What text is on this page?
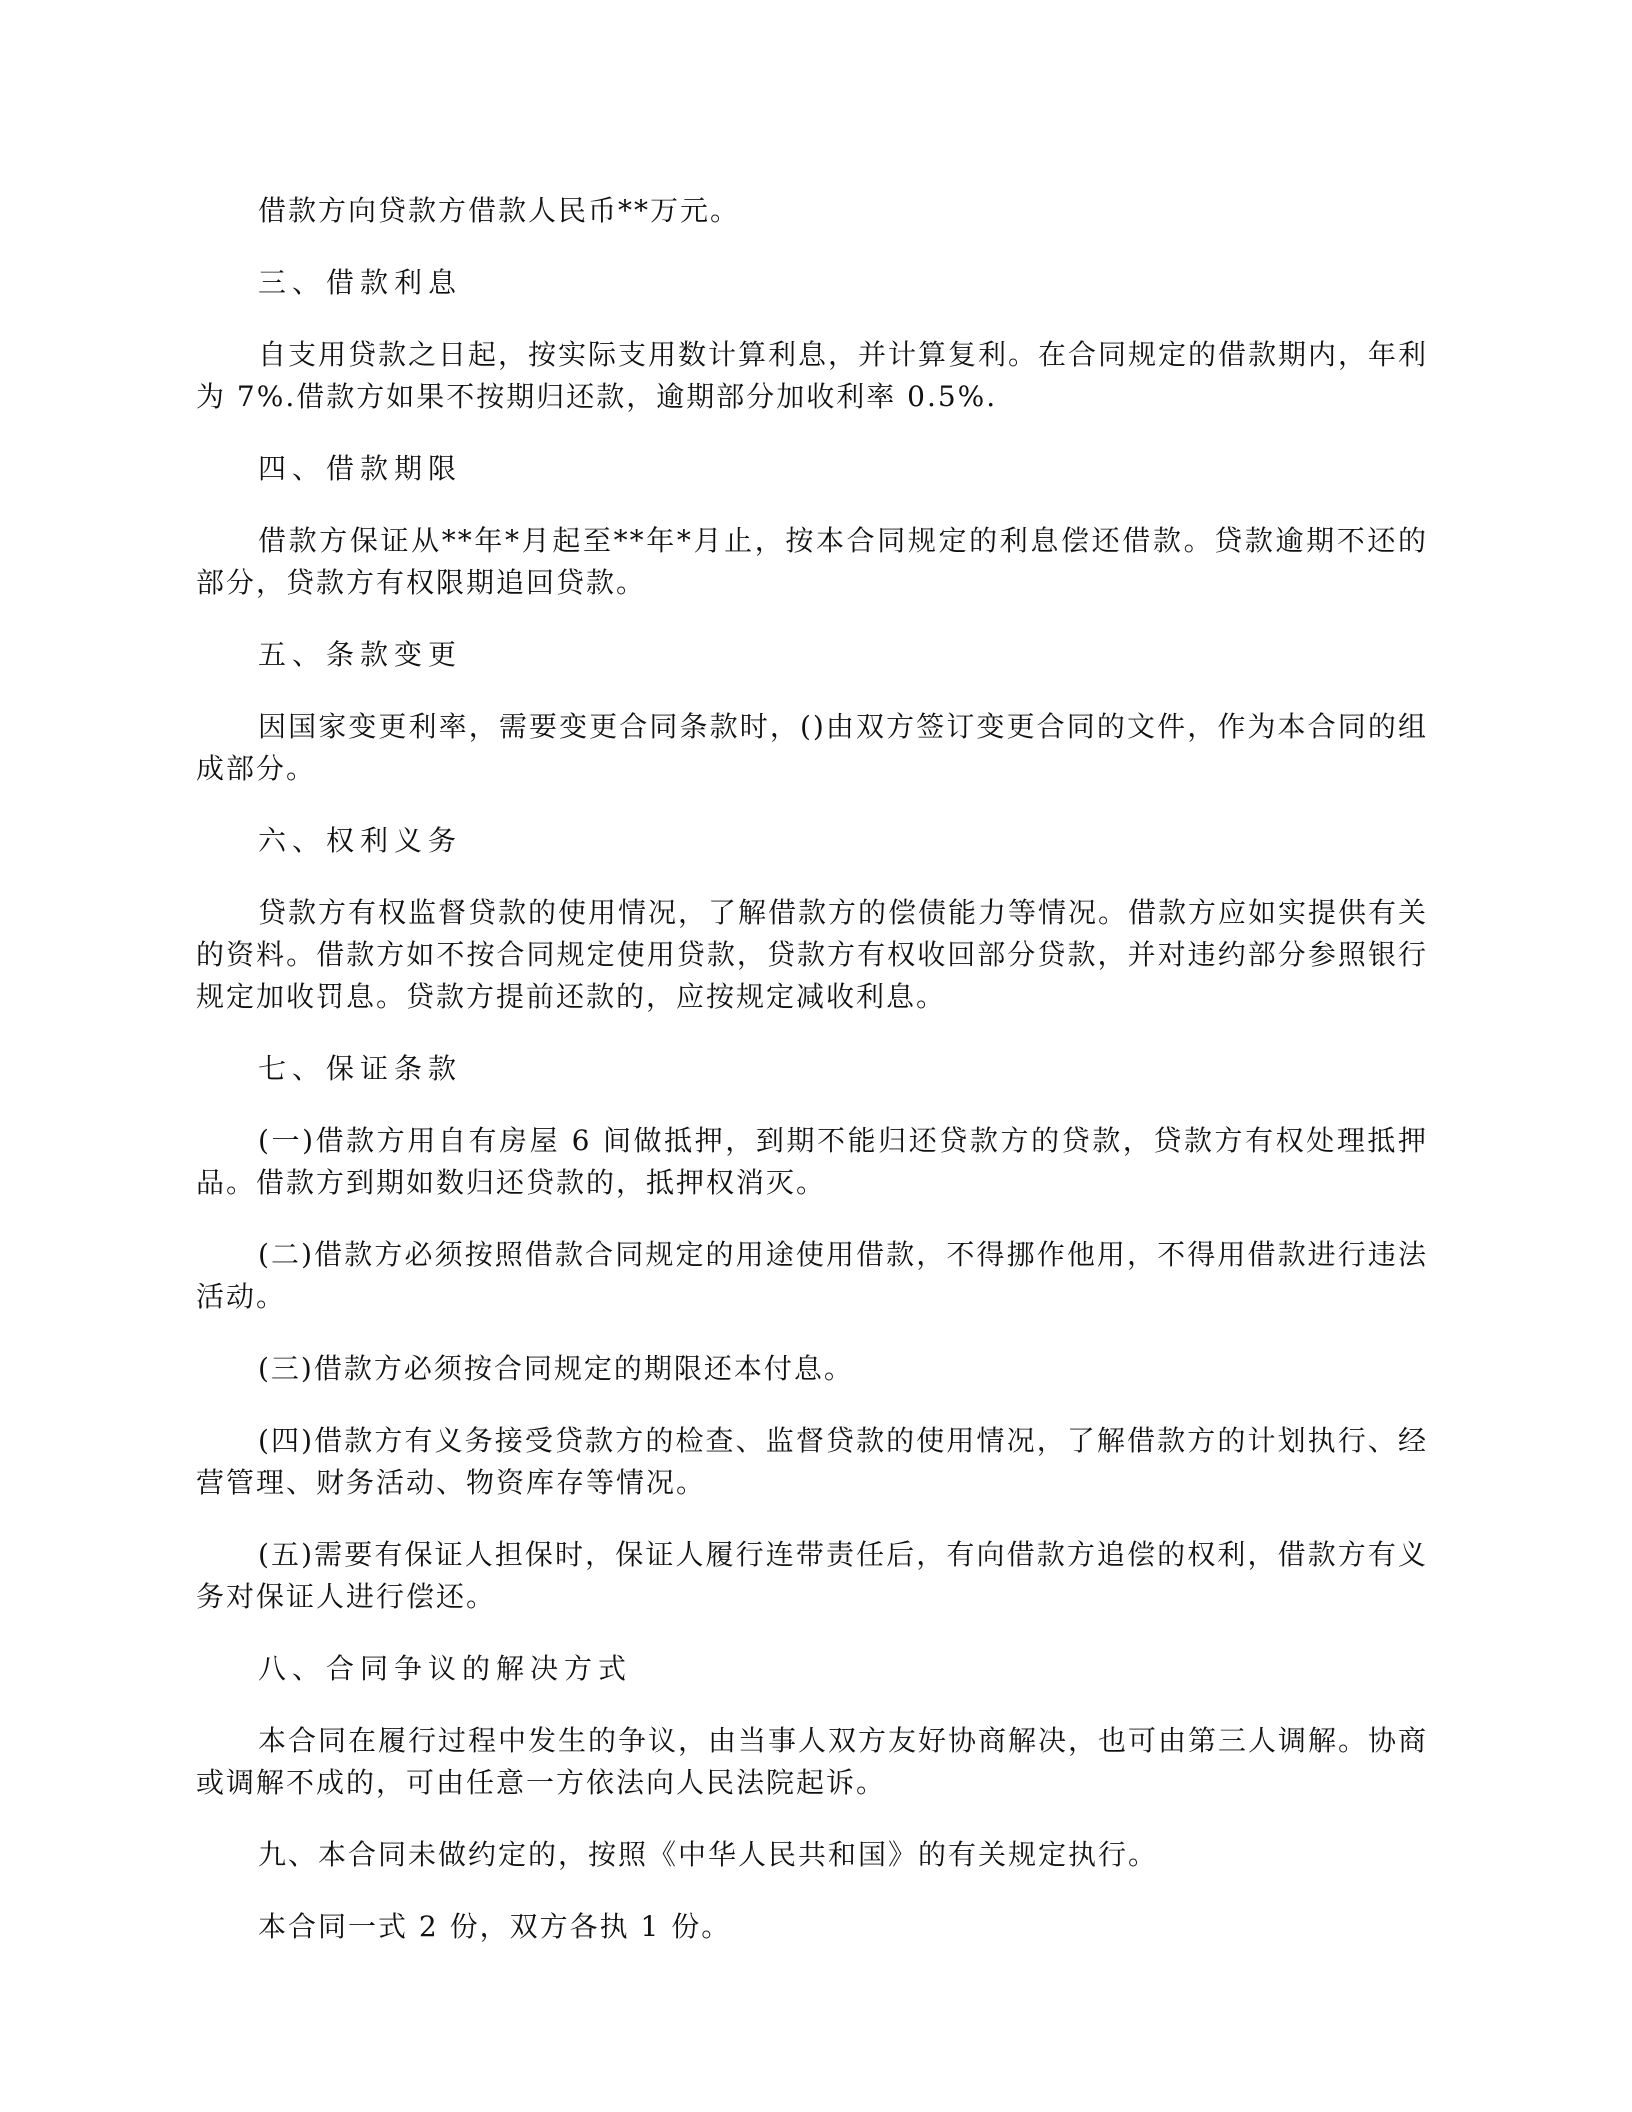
借款方向贷款方借款人民币**万元。

三、借款利息

自支用贷款之日起，按实际支用数计算利息，并计算复利。在合同规定的借款期内，年利为 7%.借款方如果不按期归还款，逾期部分加收利率 0.5%.

四、借款期限

借款方保证从**年*月起至**年*月止，按本合同规定的利息偿还借款。贷款逾期不还的部分，贷款方有权限期追回贷款。

五、条款变更

因国家变更利率，需要变更合同条款时，()由双方签订变更合同的文件，作为本合同的组成部分。

六、权利义务

贷款方有权监督贷款的使用情况，了解借款方的偿债能力等情况。借款方应如实提供有关的资料。借款方如不按合同规定使用贷款，贷款方有权收回部分贷款，并对违约部分参照银行规定加收罚息。贷款方提前还款的，应按规定减收利息。

七、保证条款

(一)借款方用自有房屋 6 间做抵押，到期不能归还贷款方的贷款，贷款方有权处理抵押品。借款方到期如数归还贷款的，抵押权消灭。

(二)借款方必须按照借款合同规定的用途使用借款，不得挪作他用，不得用借款进行违法活动。

(三)借款方必须按合同规定的期限还本付息。

(四)借款方有义务接受贷款方的检查、监督贷款的使用情况，了解借款方的计划执行、经营管理、财务活动、物资库存等情况。

(五)需要有保证人担保时，保证人履行连带责任后，有向借款方追偿的权利，借款方有义务对保证人进行偿还。

八、合同争议的解决方式

本合同在履行过程中发生的争议，由当事人双方友好协商解决，也可由第三人调解。协商或调解不成的，可由任意一方依法向人民法院起诉。

九、本合同未做约定的，按照《中华人民共和国》的有关规定执行。

本合同一式 2 份，双方各执 1 份。
